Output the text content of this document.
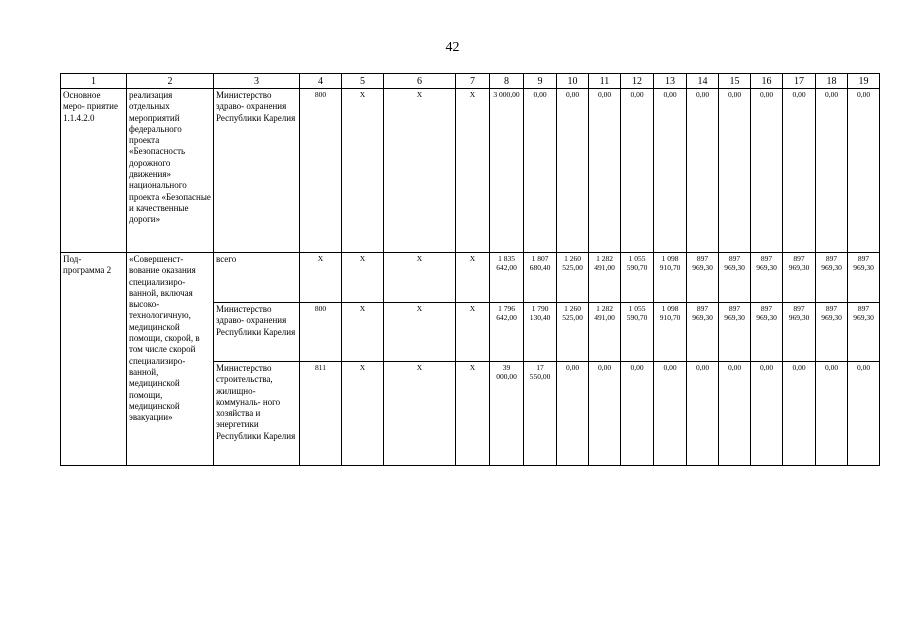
42
1	2	3	4	5	6	7	8	9	10	11	12	13	14	15	16	17	18	19
Основное меро- приятие 1.1.4.2.0	реализация отдельных мероприятий федерального проекта «Безопасность дорожного движения» национального проекта «Безопасные и качественные дороги»	Министерство здраво- охранения Республики Карелия	800	Х	Х	Х	3 000,00	0,00	0,00	0,00	0,00	0,00	0,00	0,00	0,00	0,00	0,00	0,00
Под- программа 2	«Совершенст- вование оказания специализиро- ванной, включая высоко- технологичную, медицинской помощи, скорой, в том числе скорой специализиро- ванной, медицинской помощи, медицинской эвакуации»	всего	Х	Х	Х	Х	1 835 642,00	1 807 680,40	1 260 525,00	1 282 491,00	1 055 590,70	1 098 910,70	897 969,30	897 969,30	897 969,30	897 969,30	897 969,30	897 969,30
		Министерство здраво- охранения Республики Карелия	800	Х	Х	Х	1 796 642,00	1 790 130,40	1 260 525,00	1 282 491,00	1 055 590,70	1 098 910,70	897 969,30	897 969,30	897 969,30	897 969,30	897 969,30	897 969,30
		Министерство строительства, жилищно- коммуналь- ного хозяйства и энергетики Республики Карелия	811	Х	Х	Х	39 000,00	17 550,00	0,00	0,00	0,00	0,00	0,00	0,00	0,00	0,00	0,00	0,00
